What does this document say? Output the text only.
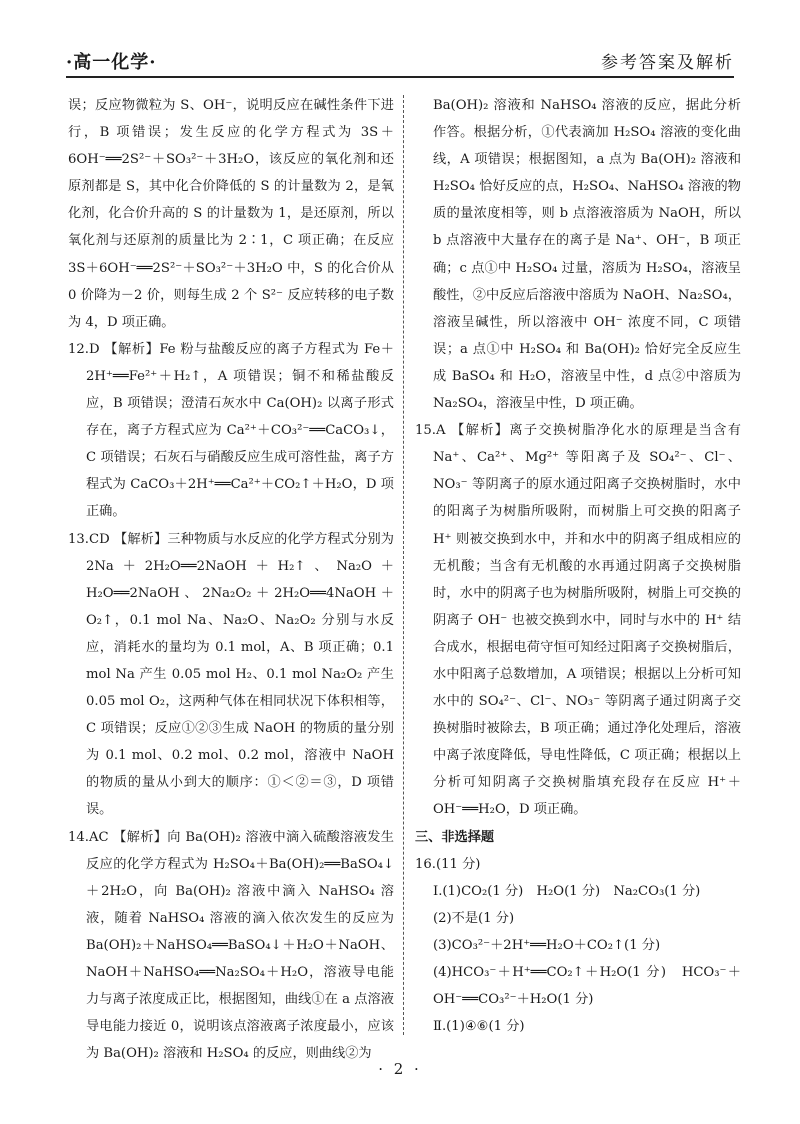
·高一化学·	参考答案及解析

误；反应物微粒为 S、OH⁻，说明反应在碱性条件下进行，B 项错误；发生反应的化学方程式为 3S＋6OH⁻══2S²⁻＋SO₃²⁻＋3H₂O，该反应的氧化剂和还原剂都是 S，其中化合价降低的 S 的计量数为 2，是氧化剂，化合价升高的 S 的计量数为 1，是还原剂，所以氧化剂与还原剂的质量比为 2∶1，C 项正确；在反应 3S＋6OH⁻══2S²⁻＋SO₃²⁻＋3H₂O 中，S 的化合价从 0 价降为－2 价，则每生成 2 个 S²⁻ 反应转移的电子数为 4，D 项正确。

12.D 【解析】Fe 粉与盐酸反应的离子方程式为 Fe＋2H⁺══Fe²⁺＋H₂↑，A 项错误；铜不和稀盐酸反应，B 项错误；澄清石灰水中 Ca(OH)₂ 以离子形式存在，离子方程式应为 Ca²⁺＋CO₃²⁻══CaCO₃↓，C 项错误；石灰石与硝酸反应生成可溶性盐，离子方程式为 CaCO₃＋2H⁺══Ca²⁺＋CO₂↑＋H₂O，D 项正确。

13.CD 【解析】三种物质与水反应的化学方程式分别为 2Na＋2H₂O══2NaOH＋H₂↑、Na₂O＋H₂O══2NaOH、2Na₂O₂＋2H₂O══4NaOH＋O₂↑，0.1 mol Na、Na₂O、Na₂O₂ 分别与水反应，消耗水的量均为 0.1 mol，A、B 项正确；0.1 mol Na 产生 0.05 mol H₂、0.1 mol Na₂O₂ 产生 0.05 mol O₂，这两种气体在相同状况下体积相等，C 项错误；反应①②③生成 NaOH 的物质的量分别为 0.1 mol、0.2 mol、0.2 mol，溶液中 NaOH 的物质的量从小到大的顺序：①＜②＝③，D 项错误。

14.AC 【解析】向 Ba(OH)₂ 溶液中滴入硫酸溶液发生反应的化学方程式为 H₂SO₄＋Ba(OH)₂══BaSO₄↓＋2H₂O，向 Ba(OH)₂ 溶液中滴入 NaHSO₄ 溶液，随着 NaHSO₄ 溶液的滴入依次发生的反应为 Ba(OH)₂＋NaHSO₄══BaSO₄↓＋H₂O＋NaOH、NaOH＋NaHSO₄══Na₂SO₄＋H₂O，溶液导电能力与离子浓度成正比，根据图知，曲线①在 a 点溶液导电能力接近 0，说明该点溶液离子浓度最小，应该为 Ba(OH)₂ 溶液和 H₂SO₄ 的反应，则曲线②为

Ba(OH)₂ 溶液和 NaHSO₄ 溶液的反应，据此分析作答。根据分析，①代表滴加 H₂SO₄ 溶液的变化曲线，A 项错误；根据图知，a 点为 Ba(OH)₂ 溶液和 H₂SO₄ 恰好反应的点，H₂SO₄、NaHSO₄ 溶液的物质的量浓度相等，则 b 点溶液溶质为 NaOH，所以 b 点溶液中大量存在的离子是 Na⁺、OH⁻，B 项正确；c 点①中 H₂SO₄ 过量，溶质为 H₂SO₄，溶液呈酸性，②中反应后溶液中溶质为 NaOH、Na₂SO₄，溶液呈碱性，所以溶液中 OH⁻ 浓度不同，C 项错误；a 点①中 H₂SO₄ 和 Ba(OH)₂ 恰好完全反应生成 BaSO₄ 和 H₂O，溶液呈中性，d 点②中溶质为 Na₂SO₄，溶液呈中性，D 项正确。

15.A 【解析】离子交换树脂净化水的原理是当含有 Na⁺、Ca²⁺、Mg²⁺ 等阳离子及 SO₄²⁻、Cl⁻、NO₃⁻ 等阴离子的原水通过阳离子交换树脂时，水中的阳离子为树脂所吸附，而树脂上可交换的阳离子 H⁺ 则被交换到水中，并和水中的阴离子组成相应的无机酸；当含有无机酸的水再通过阴离子交换树脂时，水中的阴离子也为树脂所吸附，树脂上可交换的阴离子 OH⁻ 也被交换到水中，同时与水中的 H⁺ 结合成水，根据电荷守恒可知经过阳离子交换树脂后，水中阳离子总数增加，A 项错误；根据以上分析可知水中的 SO₄²⁻、Cl⁻、NO₃⁻ 等阴离子通过阴离子交换树脂时被除去，B 项正确；通过净化处理后，溶液中离子浓度降低，导电性降低，C 项正确；根据以上分析可知阴离子交换树脂填充段存在反应 H⁺＋OH⁻══H₂O，D 项正确。

三、非选择题

16.(11 分)

Ⅰ.(1)CO₂(1 分)　H₂O(1 分)　Na₂CO₃(1 分)

(2)不是(1 分)

(3)CO₃²⁻＋2H⁺══H₂O＋CO₂↑(1 分)

(4)HCO₃⁻＋H⁺══CO₂↑＋H₂O(1 分)　HCO₃⁻＋OH⁻══CO₃²⁻＋H₂O(1 分)

Ⅱ.(1)④⑥(1 分)

· 2 ·
